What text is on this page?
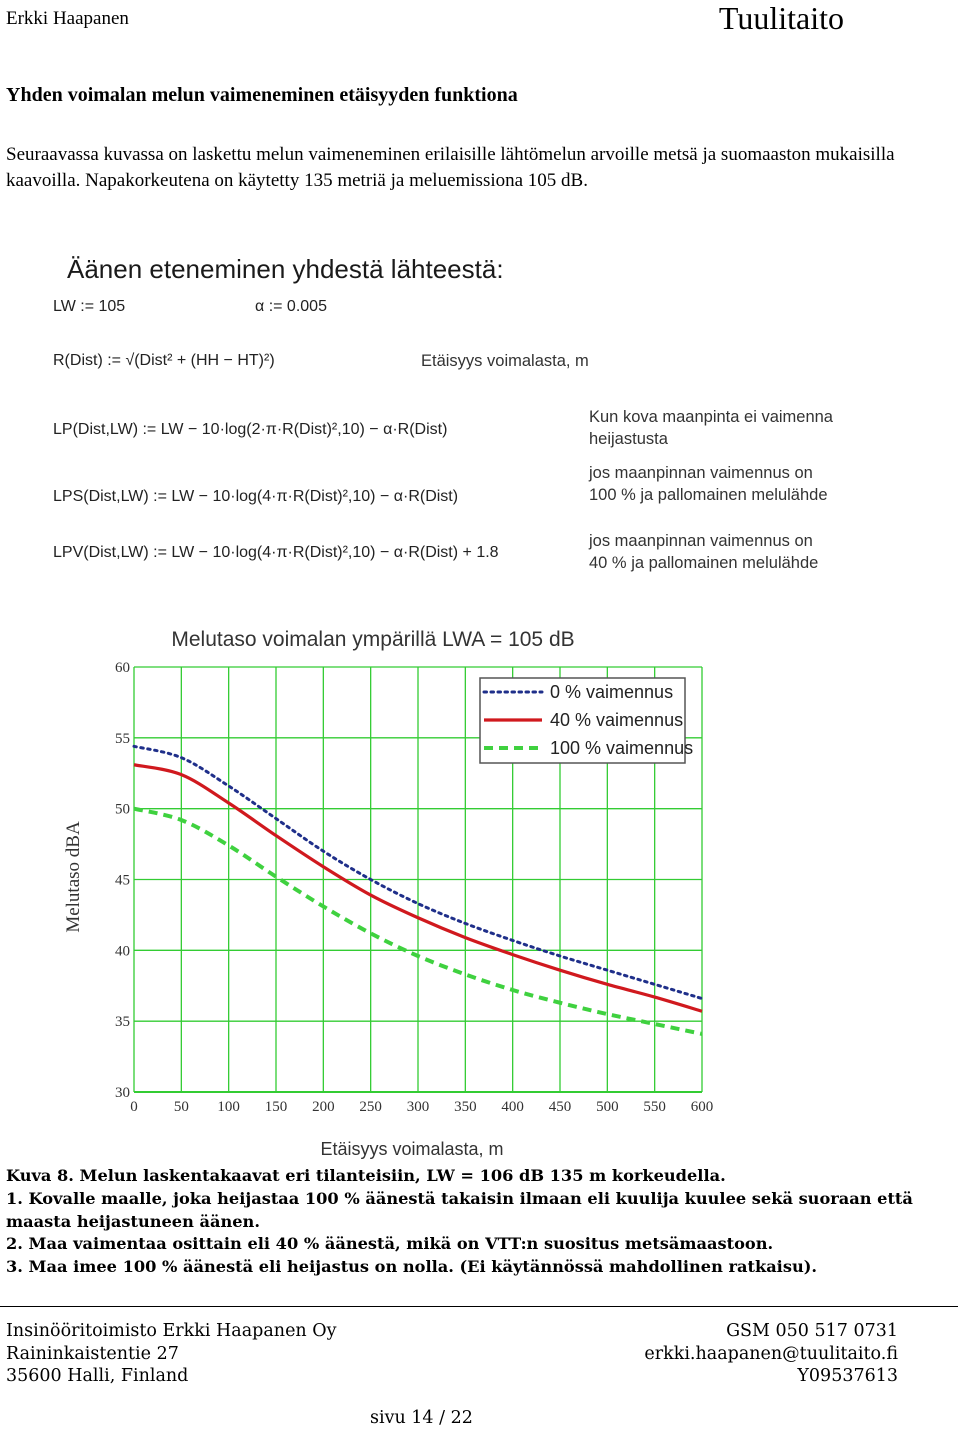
Erkki Haapanen	Tuulitaito
Yhden voimalan melun vaimeneminen etäisyyden funktiona
Seuraavassa kuvassa on laskettu melun vaimeneminen erilaisille lähtömelun arvoille metsä ja suomaaston mukaisilla kaavoilla. Napakorkeutena on käytetty 135 metriä ja meluemissiona 105 dB.
Äänen eteneminen yhdestä lähteestä:
LW := 105	α := 0.005
R(Dist) := √(Dist² + (HH − HT)²)	Etäisyys voimalasta, m
LP(Dist,LW) := LW − 10·log(2·π·R(Dist)²,10) − α·R(Dist)
LPS(Dist,LW) := LW − 10·log(4·π·R(Dist)²,10) − α·R(Dist)
LPV(Dist,LW) := LW − 10·log(4·π·R(Dist)²,10) − α·R(Dist) + 1.8
Kun kova maanpinta ei vaimenna
heijastusta
jos maanpinnan vaimennus on
100 % ja pallomainen melulähde
jos maanpinnan vaimennus on
40 % ja pallomainen melulähde
Melutaso voimalan ympärillä LWA = 105 dB
0 50 100 150 200 250 300 350 400 450 500 550 600
30
35
40
45
50
55
60
0 % vaimennus
40 % vaimennus
100 % vaimennus
Etäisyys voimalasta, m
Melutaso dBA
Kuva 8. Melun laskentakaavat eri tilanteisiin, LW = 106 dB 135 m korkeudella.
1. Kovalle maalle, joka heijastaa 100 % äänestä takaisin ilmaan eli kuulija kuulee sekä suoraan että maasta heijastuneen äänen.
2. Maa vaimentaa osittain eli 40 % äänestä, mikä on VTT:n suositus metsämaastoon.
3. Maa imee 100 % äänestä eli heijastus on nolla. (Ei käytännössä mahdollinen ratkaisu).
Insinööritoimisto Erkki Haapanen Oy
Raininkaistentie 27
35600 Halli, Finland
GSM 050 517 0731
erkki.haapanen@tuulitaito.fi
Y09537613
sivu 14 / 22
